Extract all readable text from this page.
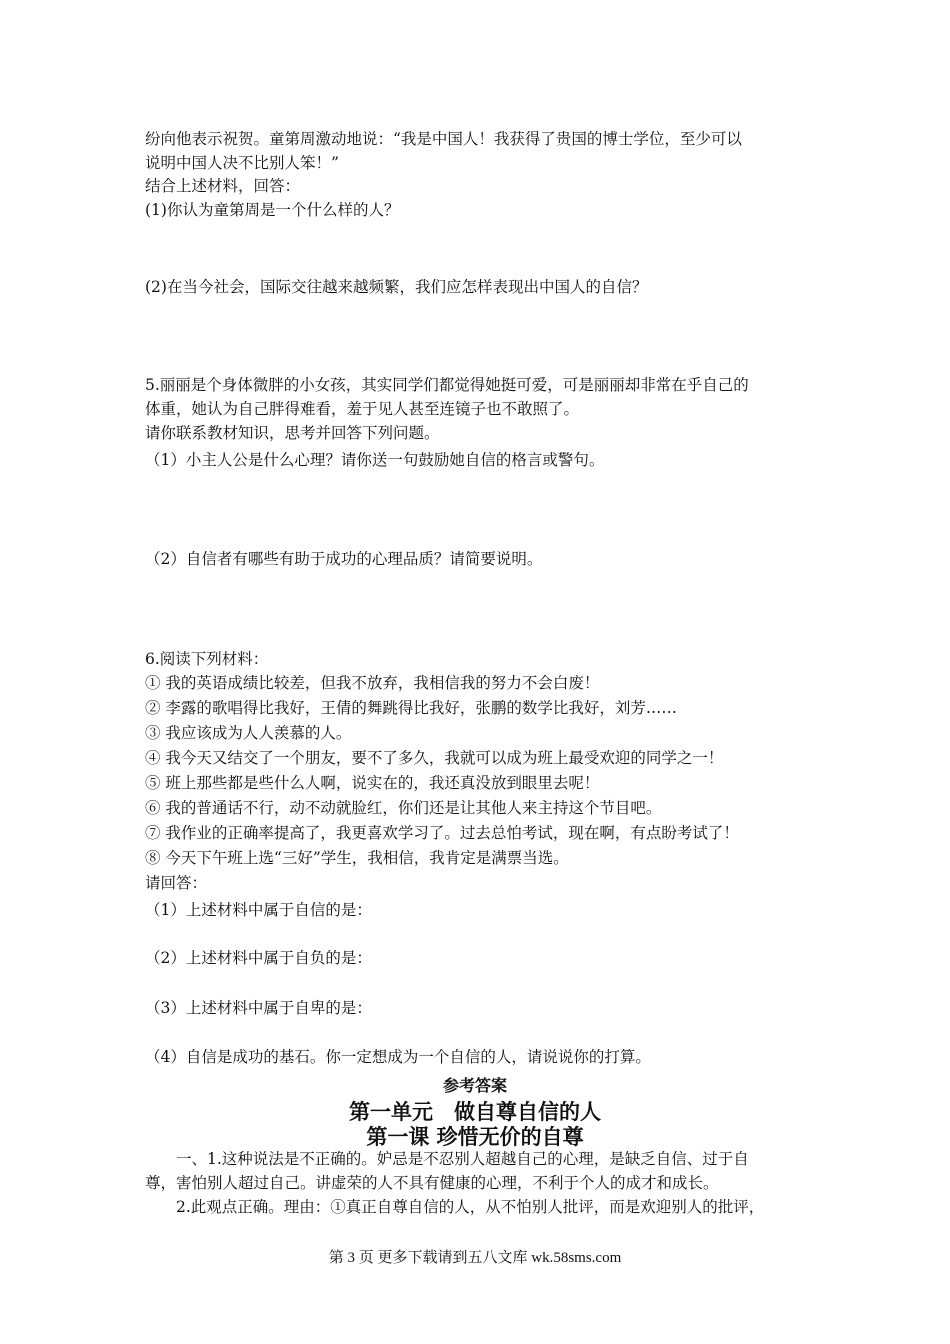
纷向他表示祝贺。童第周激动地说：“我是中国人！我获得了贵国的博士学位，至少可以
说明中国人决不比别人笨！”
结合上述材料，回答：
(1)你认为童第周是一个什么样的人？
(2)在当今社会，国际交往越来越频繁，我们应怎样表现出中国人的自信？
5.丽丽是个身体微胖的小女孩，其实同学们都觉得她挺可爱，可是丽丽却非常在乎自己的
体重，她认为自己胖得难看，羞于见人甚至连镜子也不敢照了。
请你联系教材知识，思考并回答下列问题。
（1）小主人公是什么心理？请你送一句鼓励她自信的格言或警句。
（2）自信者有哪些有助于成功的心理品质？请简要说明。
6.阅读下列材料：
① 我的英语成绩比较差，但我不放弃，我相信我的努力不会白废！
② 李露的歌唱得比我好，王倩的舞跳得比我好，张鹏的数学比我好，刘芳……
③ 我应该成为人人羡慕的人。
④ 我今天又结交了一个朋友，要不了多久，我就可以成为班上最受欢迎的同学之一！
⑤ 班上那些都是些什么人啊，说实在的，我还真没放到眼里去呢！
⑥ 我的普通话不行，动不动就脸红，你们还是让其他人来主持这个节目吧。
⑦ 我作业的正确率提高了，我更喜欢学习了。过去总怕考试，现在啊，有点盼考试了！
⑧ 今天下午班上选“三好”学生，我相信，我肯定是满票当选。
请回答：
（1）上述材料中属于自信的是：
（2）上述材料中属于自负的是：
（3）上述材料中属于自卑的是：
（4）自信是成功的基石。你一定想成为一个自信的人，请说说你的打算。
参考答案
第一单元　做自尊自信的人
第一课 珍惜无价的自尊
一、1.这种说法是不正确的。妒忌是不忍别人超越自己的心理，是缺乏自信、过于自
尊，害怕别人超过自己。讲虚荣的人不具有健康的心理，不利于个人的成才和成长。
2.此观点正确。理由：①真正自尊自信的人，从不怕别人批评，而是欢迎别人的批评，
第 3 页 更多下载请到五八文库 wk.58sms.com
